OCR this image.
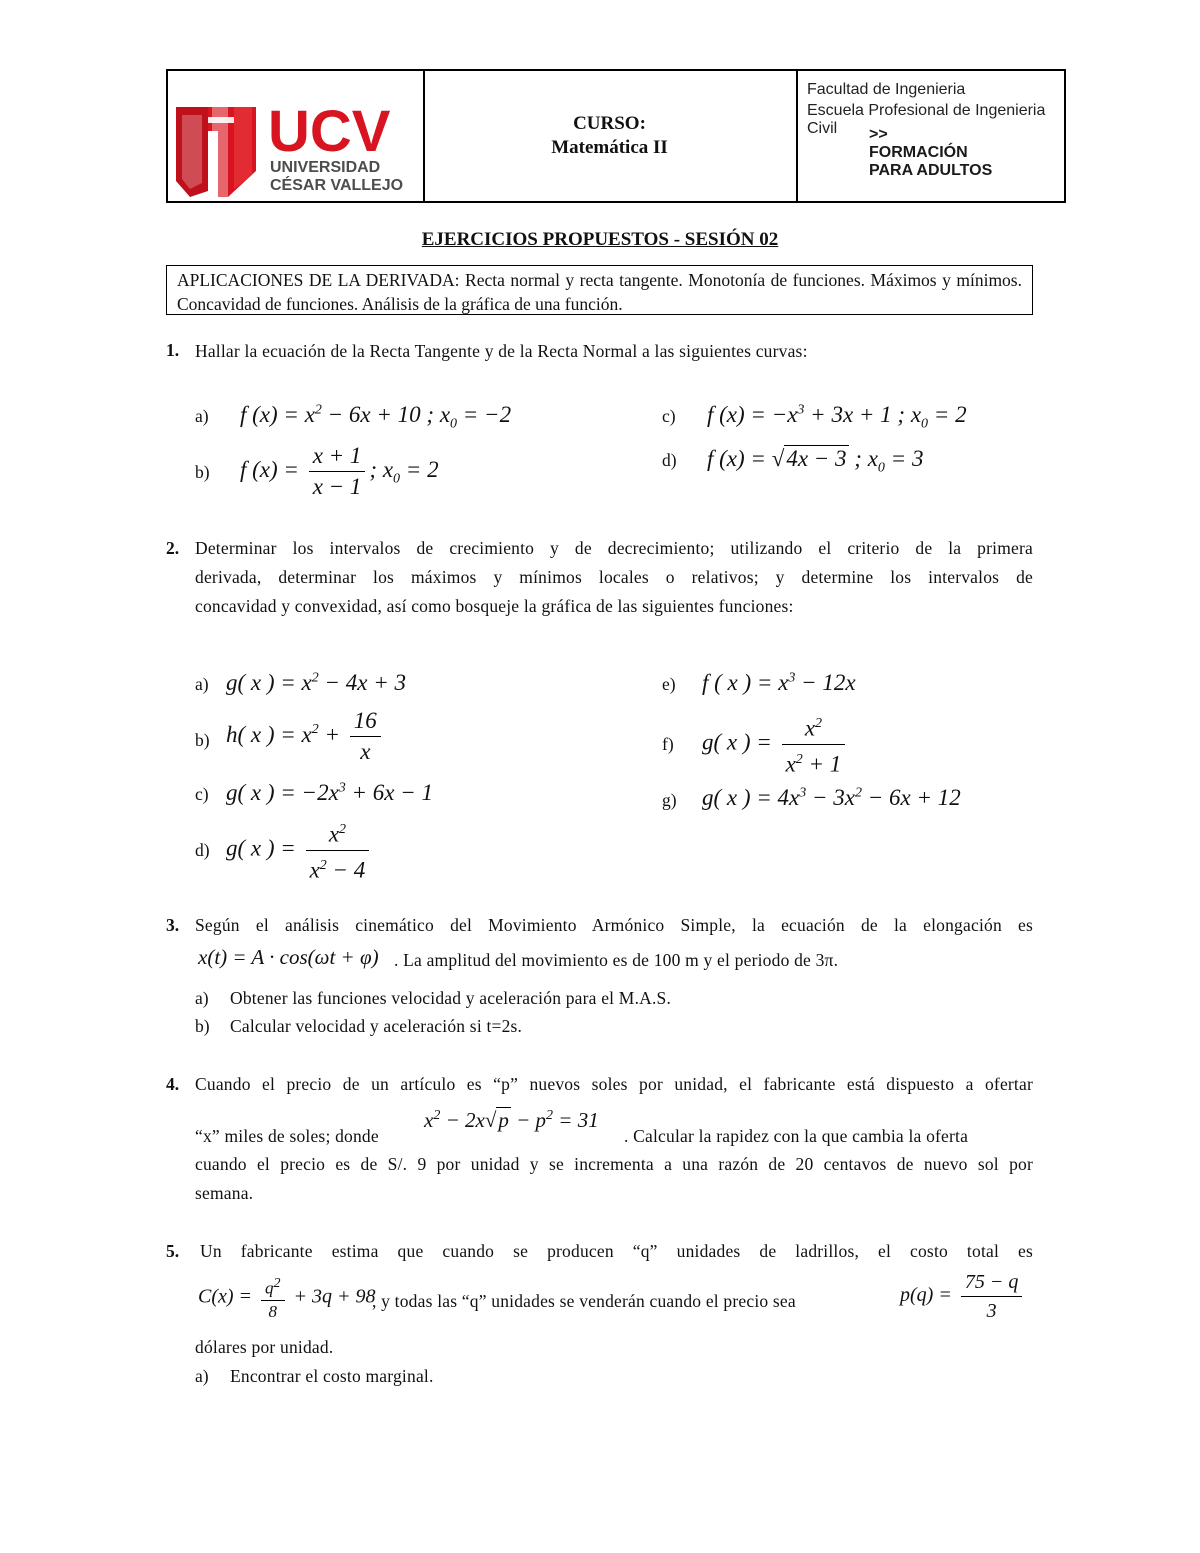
UCV
UNIVERSIDAD
CÉSAR VALLEJO
CURSO:
Matemática II
Facultad de Ingenieria
Escuela Profesional de Ingenieria Civil	>>
FORMACIÓN
PARA ADULTOS
EJERCICIOS PROPUESTOS - SESIÓN 02
APLICACIONES DE LA DERIVADA: Recta normal y recta tangente. Monotonía de funciones. Máximos y mínimos. Concavidad de funciones. Análisis de la gráfica de una función.
1. Hallar la ecuación de la Recta Tangente y de la Recta Normal a las siguientes curvas:
a) f $(x) = x^2 - 6x + 10$ ; $x_0 = -2$
b) f $(x) = \frac{x + 1}{x - 1}$ ; $x_0 = 2$
c) f $(x) = -x^3 + 3x + 1$ ; $x_0 = 2$
d) f (x) = √4x − 3 ; $x_0 = 3$
2. Determinar los intervalos de crecimiento y de decrecimiento; utilizando el criterio de la primera
derivada, determinar los máximos y mínimos locales o relativos; y determine los intervalos de
concavidad y convexidad, así como bosqueje la gráfica de las siguientes funciones:
a) g( x ) = $x^2 - 4x + 3$
b) h( x ) = $x^2 + \frac{16}{x}$
c) g( x ) = $-2x^3 + 6x - 1$
d) g( x ) = $\frac{x^2}{x^2 - 4}$
e) f ( x ) = $x^3 - 12x$
f) g( x ) = $\frac{x^2}{x^2 + 1}$
g) g( x ) = $4x^3 - 3x^2 - 6x + 12$
3. Según el análisis cinemático del Movimiento Armónico Simple, la ecuación de la elongación es
x(t) = A · cos(ωt + φ) . La amplitud del movimiento es de 100 m y el periodo de 3π.
a) Obtener las funciones velocidad y aceleración para el M.A.S.
b) Calcular velocidad y aceleración si t=2s.
4. Cuando el precio de un artículo es “p” nuevos soles por unidad, el fabricante está dispuesto a ofertar
“x” miles de soles; donde
$x^2 - 2x√p - p^2 = 31$
. Calcular la rapidez con la que cambia la oferta
cuando el precio es de S/. 9 por unidad y se incrementa a una razón de 20 centavos de nuevo sol por
semana.
5. Un fabricante estima que cuando se producen “q” unidades de ladrillos, el costo total es
$C(x) = \frac{q^2}{8} + 3q + 98$
, y todas las “q” unidades se venderán cuando el precio sea	$p(q) = \frac{75 - q}{3}$
dólares por unidad.
a) Encontrar el costo marginal.
